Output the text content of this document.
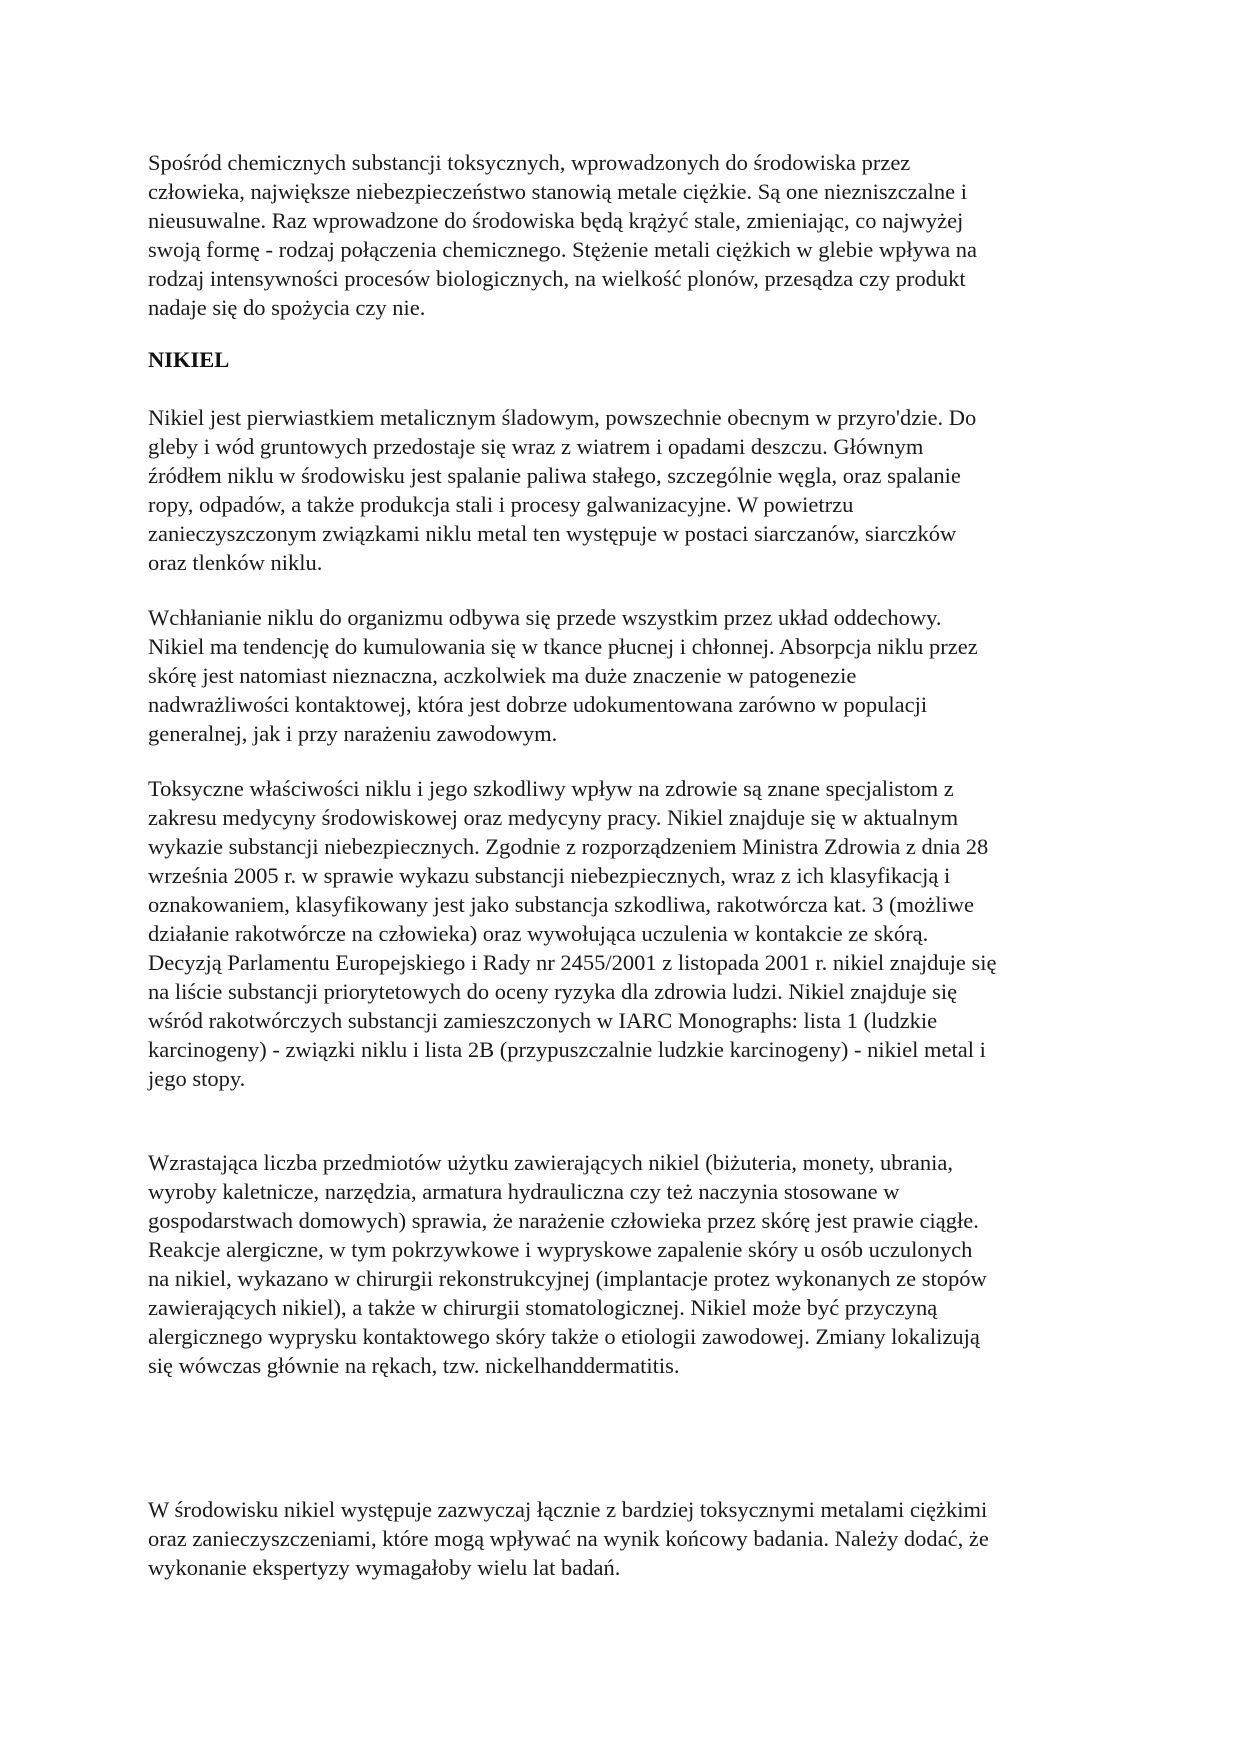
Spośród chemicznych substancji toksycznych, wprowadzonych do środowiska przez
człowieka, największe niebezpieczeństwo stanowią metale ciężkie. Są one niezniszczalne i
nieusuwalne. Raz wprowadzone do środowiska będą krążyć stale, zmieniając, co najwyżej
swoją formę - rodzaj połączenia chemicznego. Stężenie metali ciężkich w glebie wpływa na
rodzaj intensywności procesów biologicznych, na wielkość plonów, przesądza czy produkt
nadaje się do spożycia czy nie.

NIKIEL

Nikiel jest pierwiastkiem metalicznym śladowym, powszechnie obecnym w przyro'dzie. Do
gleby i wód gruntowych przedostaje się wraz z wiatrem i opadami deszczu. Głównym
źródłem niklu w środowisku jest spalanie paliwa stałego, szczególnie węgla, oraz spalanie
ropy, odpadów, a także produkcja stali i procesy galwanizacyjne. W powietrzu
zanieczyszczonym związkami niklu metal ten występuje w postaci siarczanów, siarczków
oraz tlenków niklu.

Wchłanianie niklu do organizmu odbywa się przede wszystkim przez układ oddechowy.
Nikiel ma tendencję do kumulowania się w tkance płucnej i chłonnej. Absorpcja niklu przez
skórę jest natomiast nieznaczna, aczkolwiek ma duże znaczenie w patogenezie
nadwrażliwości kontaktowej, która jest dobrze udokumentowana zarówno w populacji
generalnej, jak i przy narażeniu zawodowym.

Toksyczne właściwości niklu i jego szkodliwy wpływ na zdrowie są znane specjalistom z
zakresu medycyny środowiskowej oraz medycyny pracy. Nikiel znajduje się w aktualnym
wykazie substancji niebezpiecznych. Zgodnie z rozporządzeniem Ministra Zdrowia z dnia 28
września 2005 r. w sprawie wykazu substancji niebezpiecznych, wraz z ich klasyfikacją i
oznakowaniem, klasyfikowany jest jako substancja szkodliwa, rakotwórcza kat. 3 (możliwe
działanie rakotwórcze na człowieka) oraz wywołująca uczulenia w kontakcie ze skórą.
Decyzją Parlamentu Europejskiego i Rady nr 2455/2001 z listopada 2001 r. nikiel znajduje się
na liście substancji priorytetowych do oceny ryzyka dla zdrowia ludzi. Nikiel znajduje się
wśród rakotwórczych substancji zamieszczonych w IARC Monographs: lista 1 (ludzkie
karcinogeny) - związki niklu i lista 2B (przypuszczalnie ludzkie karcinogeny) - nikiel metal i
jego stopy.

Wzrastająca liczba przedmiotów użytku zawierających nikiel (biżuteria, monety, ubrania,
wyroby kaletnicze, narzędzia, armatura hydrauliczna czy też naczynia stosowane w
gospodarstwach domowych) sprawia, że narażenie człowieka przez skórę jest prawie ciągłe.
Reakcje alergiczne, w tym pokrzywkowe i wypryskowe zapalenie skóry u osób uczulonych
na nikiel, wykazano w chirurgii rekonstrukcyjnej (implantacje protez wykonanych ze stopów
zawierających nikiel), a także w chirurgii stomatologicznej. Nikiel może być przyczyną
alergicznego wyprysku kontaktowego skóry także o etiologii zawodowej. Zmiany lokalizują
się wówczas głównie na rękach, tzw. nickelhanddermatitis.

W środowisku nikiel występuje zazwyczaj łącznie z bardziej toksycznymi metalami ciężkimi
oraz zanieczyszczeniami, które mogą wpływać na wynik końcowy badania. Należy dodać, że
wykonanie ekspertyzy wymagałoby wielu lat badań.
